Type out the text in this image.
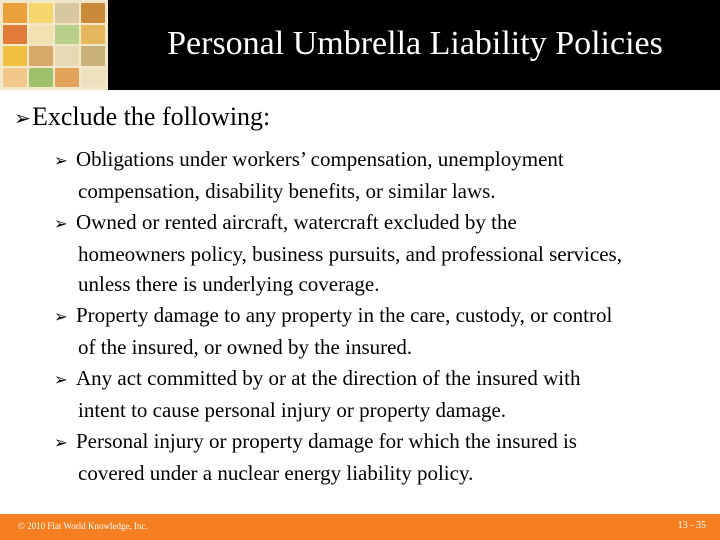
Personal Umbrella Liability Policies
➢Exclude the following:
➢ Obligations under workers’ compensation, unemployment
compensation, disability benefits, or similar laws.
➢ Owned or rented aircraft, watercraft excluded by the
homeowners policy, business pursuits, and professional services,
unless there is underlying coverage.
➢ Property damage to any property in the care, custody, or control
of the insured, or owned by the insured.
➢ Any act committed by or at the direction of the insured with
intent to cause personal injury or property damage.
➢ Personal injury or property damage for which the insured is
covered under a nuclear energy liability policy.
© 2010 Flat World Knowledge, Inc.	13 - 35
